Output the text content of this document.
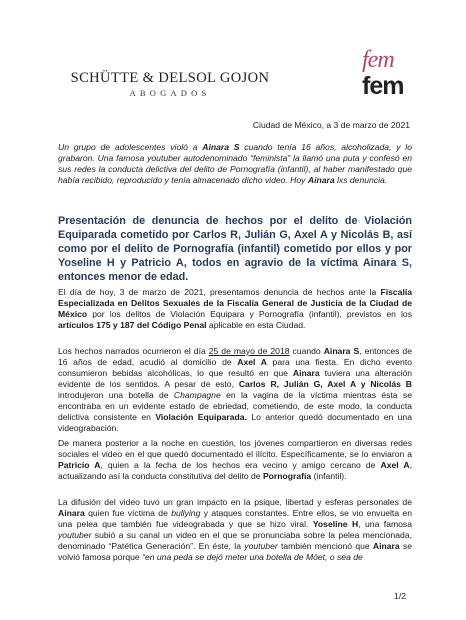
SCHÜTTE & DELSOL GOJON
ABOGADOS
fem
fem
Ciudad de México, a 3 de marzo de 2021
Un grupo de adolescentes violó a Ainara S cuando tenía 16 años, alcoholizada, y lo grabaron. Una famosa youtuber autodenominado “feminista” la llamó una puta y confesó en sus redes la conducta delictiva del delito de Pornografía (infantil), al haber manifestado que había recibido, reproducido y tenía almacenado dicho video. Hoy Ainara lxs denuncia.
Presentación de denuncia de hechos por el delito de Violación Equiparada cometido por Carlos R, Julián G, Axel A y Nicolás B, así como por el delito de Pornografía (infantil) cometido por ellos y por Yoseline H y Patricio A, todos en agravio de la víctima Ainara S, entonces menor de edad.
El día de hoy, 3 de marzo de 2021, presentamos denuncia de hechos ante la Fiscalía Especializada en Delitos Sexuales de la Fiscalía General de Justicia de la Ciudad de México por los delitos de Violación Equipara y Pornografía (infantil), previstos en los artículos 175 y 187 del Código Penal aplicable en esta Ciudad.
Los hechos narrados ocurrieron el día 25 de mayo de 2018 cuando Ainara S, entonces de 16 años de edad, acudió al domicilio de Axel A para una fiesta. En dicho evento consumieron bebidas alcohólicas, lo que resultó en que Ainara tuviera una alteración evidente de los sentidos. A pesar de esto, Carlos R, Julián G, Axel A y Nicolás B introdujeron una botella de Champagne en la vagina de la víctima mientras ésta se encontraba en un evidente estado de ebriedad, cometiendo, de este modo, la conducta delictiva consistente en Violación Equiparada. Lo anterior quedó documentado en una videograbación.
De manera posterior a la noche en cuestión, los jóvenes compartieron en diversas redes sociales el video en el que quedó documentado el ilícito. Específicamente, se lo enviaron a Patricio A, quien a la fecha de los hechos era vecino y amigo cercano de Axel A, actualizando así la conducta constitutiva del delito de Pornografía (infantil).
La difusión del video tuvo un gran impacto en la psique, libertad y esferas personales de Ainara quien fue víctima de bullying y ataques constantes. Entre ellos, se vio envuelta en una pelea que también fue videograbada y que se hizo viral. Yoseline H, una famosa youtuber subió a su canal un video en el que se pronunciaba sobre la pelea mencionada, denominado “Patética Generación”. En éste, la youtuber también mencionó que Ainara se volvió famosa porque “en una peda se dejó meter una botella de Möet, o sea de
1/2
